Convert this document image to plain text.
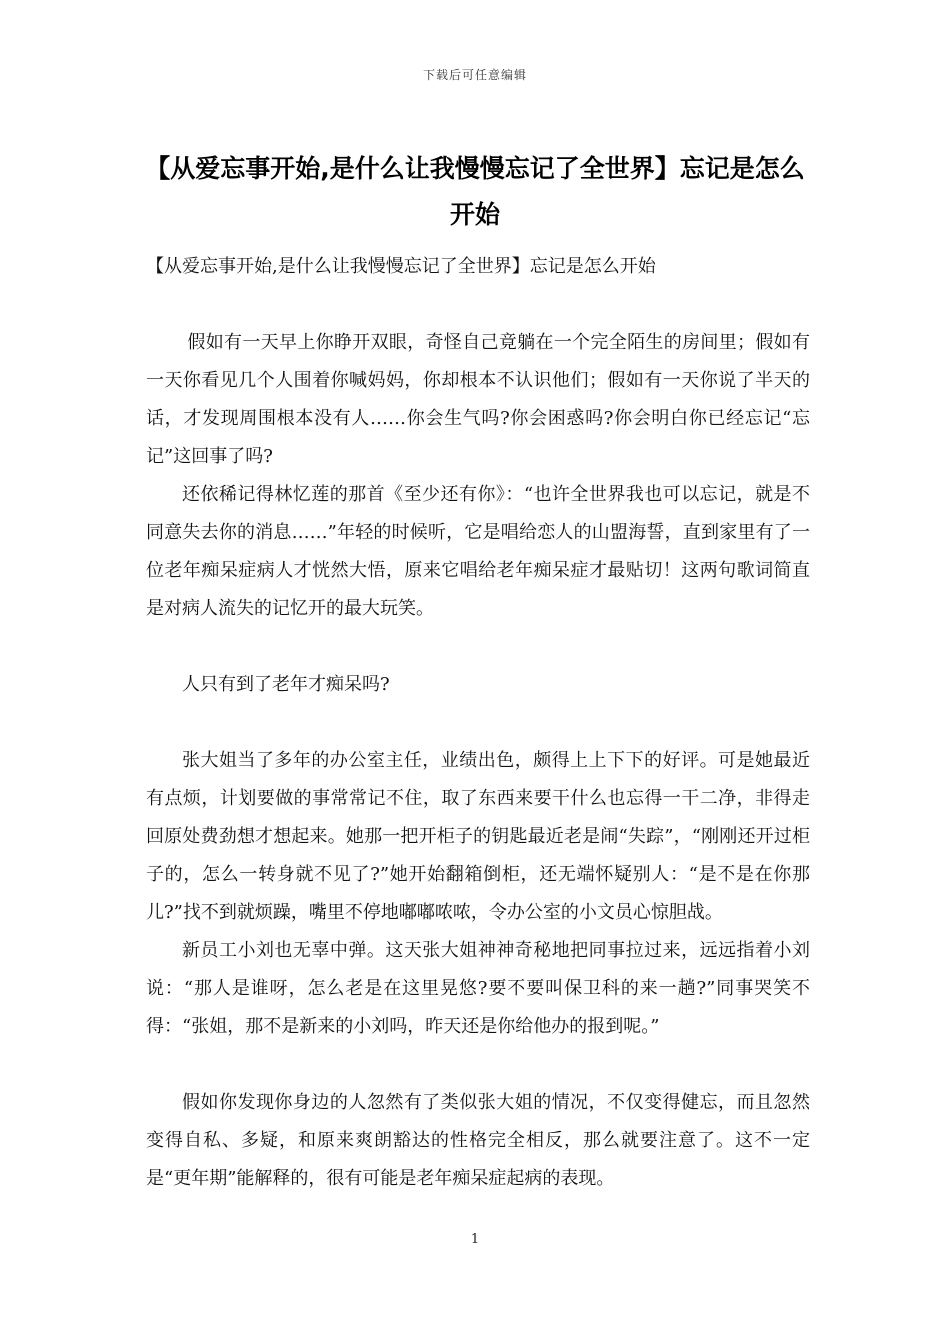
下载后可任意编辑
【从爱忘事开始,是什么让我慢慢忘记了全世界】忘记是怎么开始

【从爱忘事开始,是什么让我慢慢忘记了全世界】忘记是怎么开始

假如有一天早上你睁开双眼，奇怪自己竟躺在一个完全陌生的房间里；假如有一天你看见几个人围着你喊妈妈，你却根本不认识他们；假如有一天你说了半天的话，才发现周围根本没有人……你会生气吗?你会困惑吗?你会明白你已经忘记“忘记”这回事了吗?

还依稀记得林忆莲的那首《至少还有你》：“也许全世界我也可以忘记，就是不同意失去你的消息……”年轻的时候听，它是唱给恋人的山盟海誓，直到家里有了一位老年痴呆症病人才恍然大悟，原来它唱给老年痴呆症才最贴切！这两句歌词简直是对病人流失的记忆开的最大玩笑。

人只有到了老年才痴呆吗?

张大姐当了多年的办公室主任，业绩出色，颇得上上下下的好评。可是她最近有点烦，计划要做的事常常记不住，取了东西来要干什么也忘得一干二净，非得走回原处费劲想才想起来。她那一把开柜子的钥匙最近老是闹“失踪”，“刚刚还开过柜子的，怎么一转身就不见了?”她开始翻箱倒柜，还无端怀疑别人：“是不是在你那儿?”找不到就烦躁，嘴里不停地嘟嘟哝哝，令办公室的小文员心惊胆战。

新员工小刘也无辜中弹。这天张大姐神神奇秘地把同事拉过来，远远指着小刘说：“那人是谁呀，怎么老是在这里晃悠?要不要叫保卫科的来一趟?”同事哭笑不得：“张姐，那不是新来的小刘吗，昨天还是你给他办的报到呢。”

假如你发现你身边的人忽然有了类似张大姐的情况，不仅变得健忘，而且忽然变得自私、多疑，和原来爽朗豁达的性格完全相反，那么就要注意了。这不一定是“更年期”能解释的，很有可能是老年痴呆症起病的表现。

1
